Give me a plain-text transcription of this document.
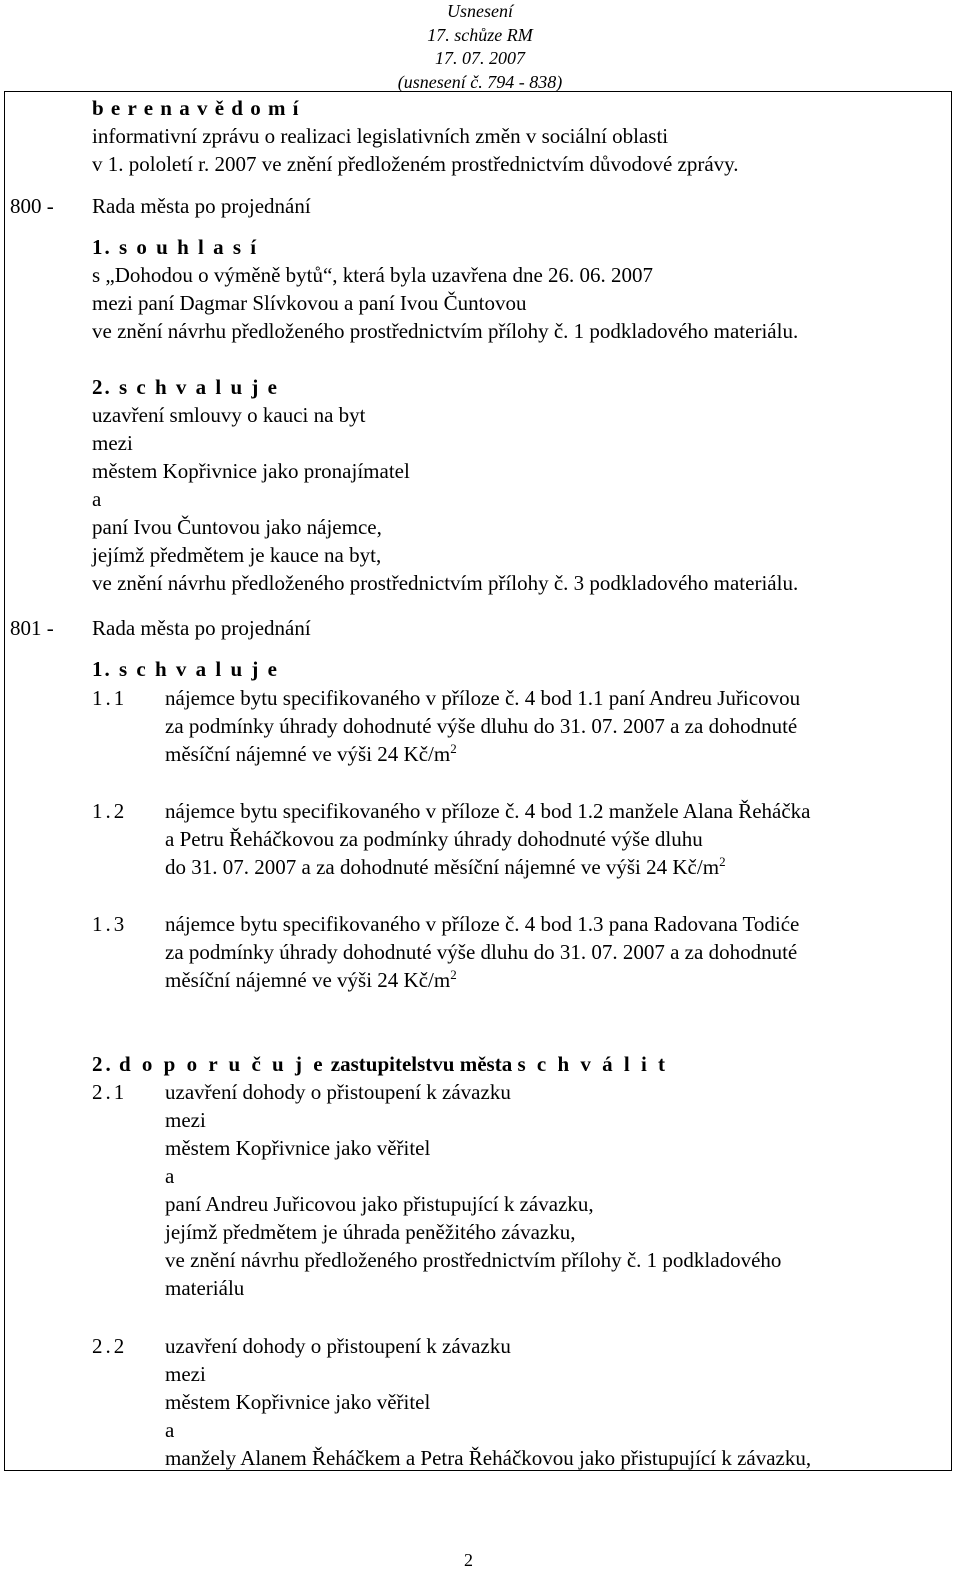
Usnesení
17. schůze RM
17. 07. 2007
(usnesení č. 794 - 838)
b e r e n a v ě d o m í
informativní zprávu o realizaci legislativních změn v sociální oblasti
v 1. pololetí r. 2007 ve znění předloženém prostřednictvím důvodové zprávy.
800 - Rada města po projednání
1. s o u h l a s í
s „Dohodou o výměně bytů“, která byla uzavřena dne 26. 06. 2007
mezi paní Dagmar Slívkovou a paní Ivou Čuntovou
ve znění návrhu předloženého prostřednictvím přílohy č. 1 podkladového materiálu.
2. s c h v a l u j e
uzavření smlouvy o kauci na byt
mezi
městem Kopřivnice jako pronajímatel
a
paní Ivou Čuntovou jako nájemce,
jejímž předmětem je kauce na byt,
ve znění návrhu předloženého prostřednictvím přílohy č. 3 podkladového materiálu.
801 - Rada města po projednání
1. s c h v a l u j e
1.1 nájemce bytu specifikovaného v příloze č. 4 bod 1.1 paní Andreu Juřicovou
za podmínky úhrady dohodnuté výše dluhu do 31. 07. 2007 a za dohodnuté
měsíční nájemné ve výši 24 $Kč/m^2$
1.2 nájemce bytu specifikovaného v příloze č. 4 bod 1.2 manžele Alana Řeháčka
a Petru Řeháčkovou za podmínky úhrady dohodnuté výše dluhu
do 31. 07. 2007 a za dohodnuté měsíční nájemné ve výši 24 $Kč/m^2$
1.3 nájemce bytu specifikovaného v příloze č. 4 bod 1.3 pana Radovana Todiće
za podmínky úhrady dohodnuté výše dluhu do 31. 07. 2007 a za dohodnuté
měsíční nájemné ve výši 24 $Kč/m^2$
2. d o p o r u č u j e zastupitelstvu města s c h v á l i t
2.1 uzavření dohody o přistoupení k závazku
mezi
městem Kopřivnice jako věřitel
a
paní Andreu Juřicovou jako přistupující k závazku,
jejímž předmětem je úhrada peněžitého závazku,
ve znění návrhu předloženého prostřednictvím přílohy č. 1 podkladového
materiálu
2.2 uzavření dohody o přistoupení k závazku
mezi
městem Kopřivnice jako věřitel
a
manžely Alanem Řeháčkem a Petra Řeháčkovou jako přistupující k závazku,
2
